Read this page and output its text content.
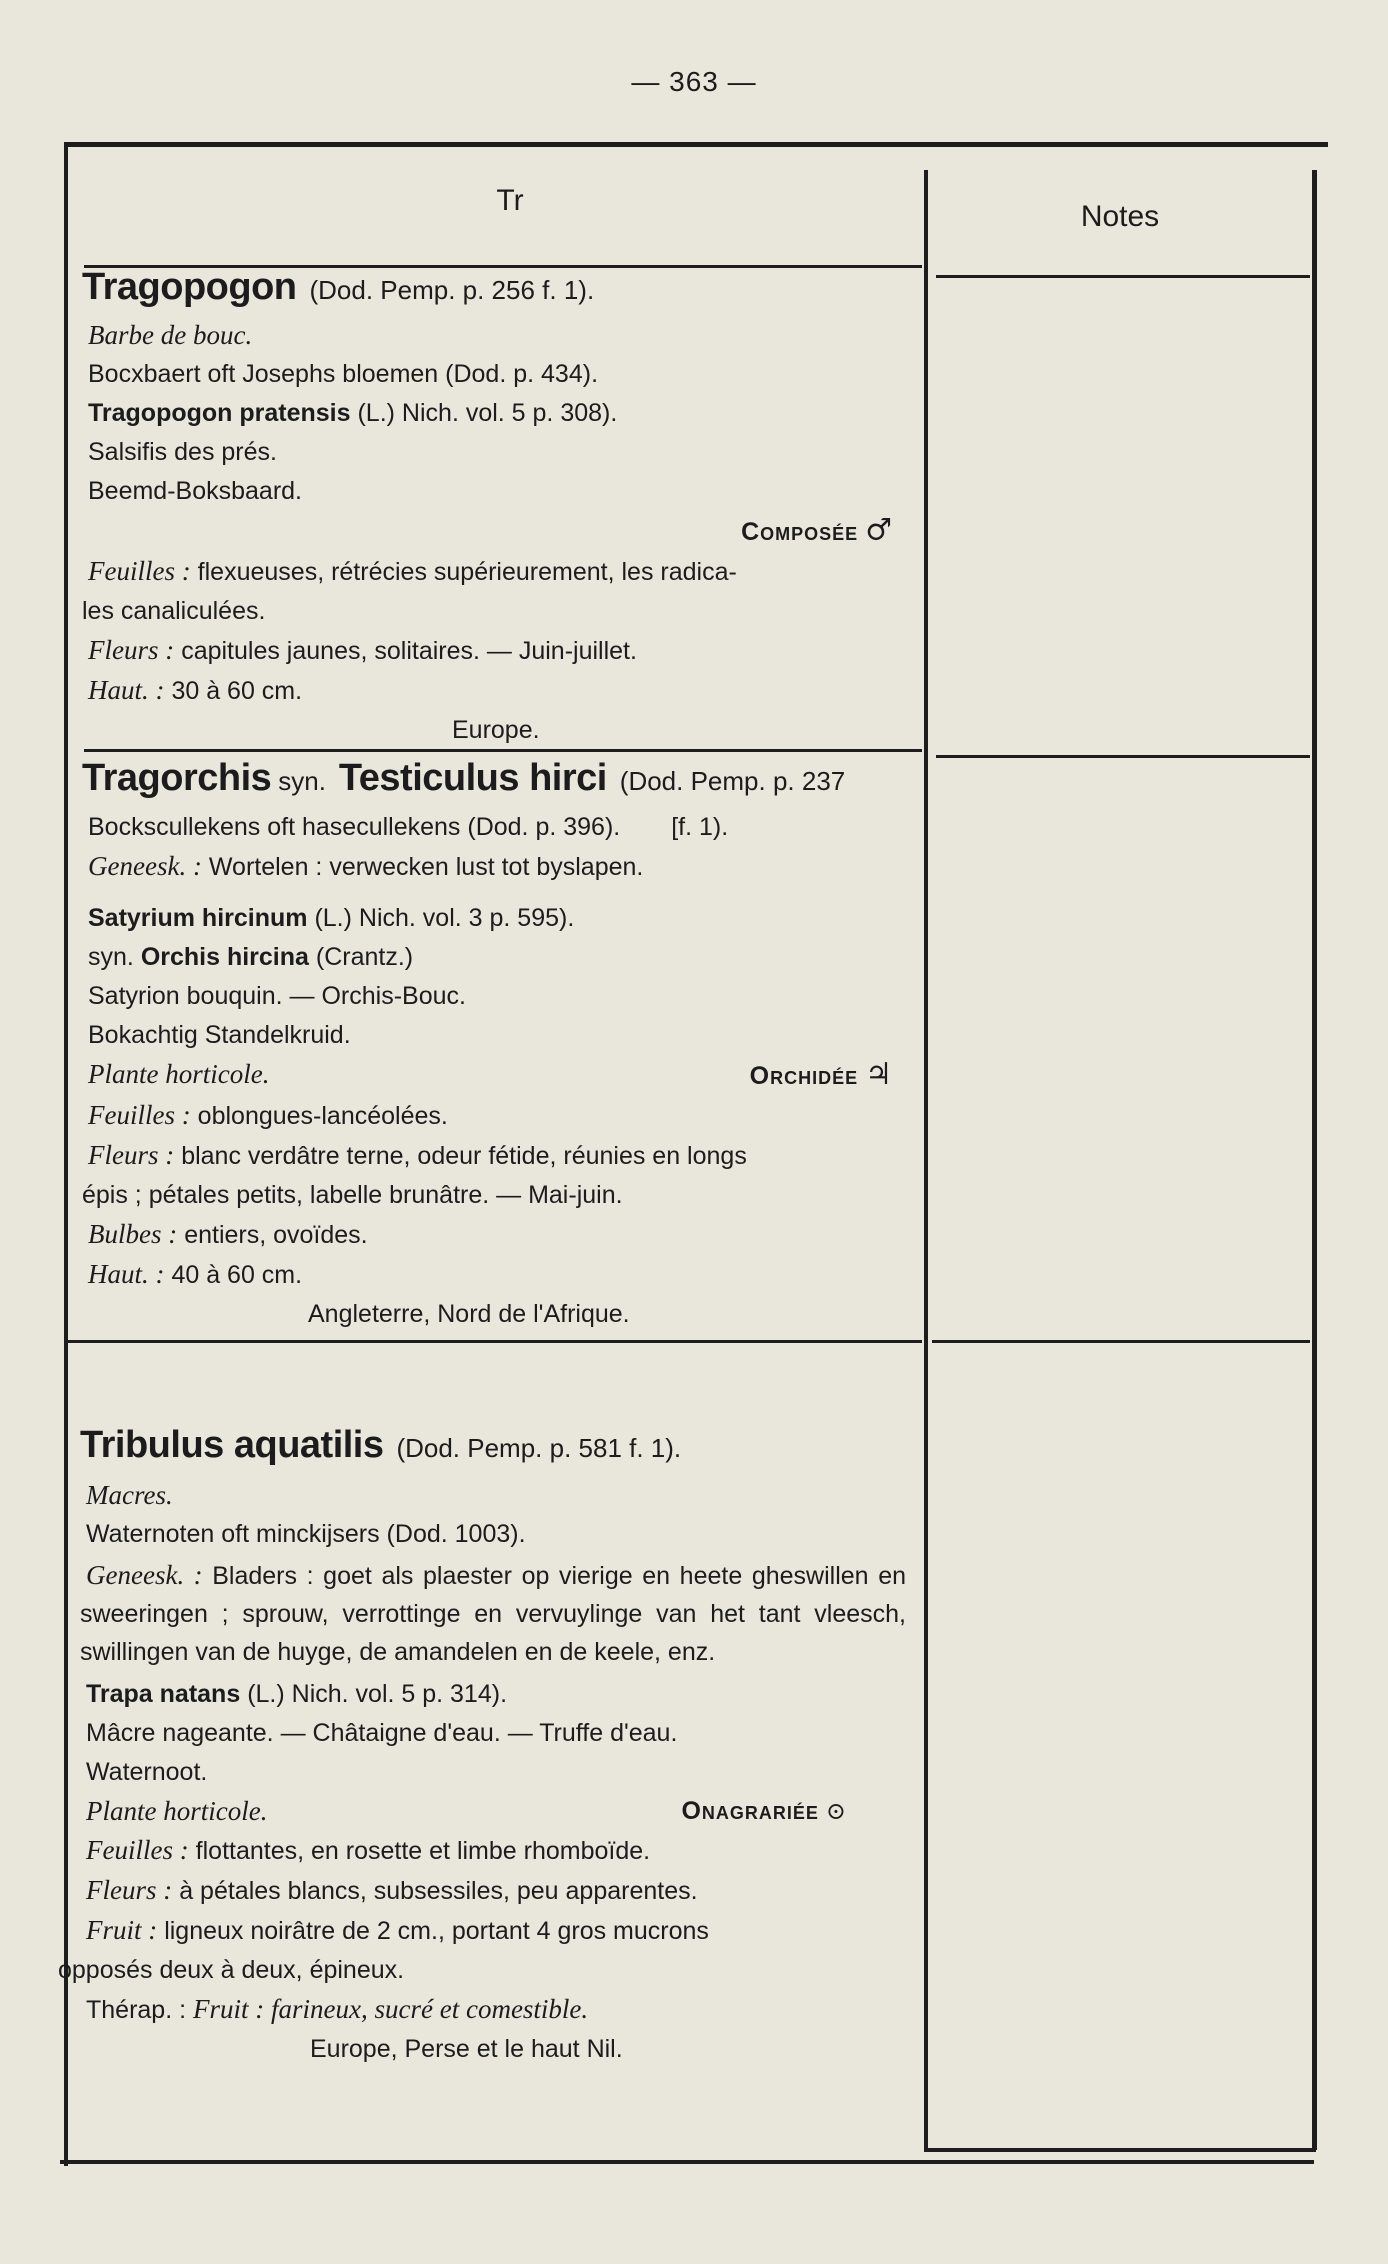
— 363 —
Tr	Notes
Tragopogon (Dod. Pemp. p. 256 f. 1).
Barbe de bouc.
Bocxbaert oft Josephs bloemen (Dod. p. 434).
Tragopogon pratensis (L.) Nich. vol. 5 p. 308).
Salsifis des prés.
Beemd-Boksbaard.
Composée ♂
Feuilles : flexueuses, rétrécies supérieurement, les radica-
les canaliculées.
Fleurs : capitules jaunes, solitaires. — Juin-juillet.
Haut. : 30 à 60 cm.
Europe.
Tragorchis syn. Testiculus hirci (Dod. Pemp. p. 237
Bockscullekens oft hasecullekens (Dod. p. 396). [f. 1).
Geneesk. : Wortelen : verwecken lust tot byslapen.
Satyrium hircinum (L.) Nich. vol. 3 p. 595).
syn. Orchis hircina (Crantz.)
Satyrion bouquin. — Orchis-Bouc.
Bokachtig Standelkruid.
Plante horticole.	Orchidée ♃
Feuilles : oblongues-lancéolées.
Fleurs : blanc verdâtre terne, odeur fétide, réunies en longs
épis ; pétales petits, labelle brunâtre. — Mai-juin.
Bulbes : entiers, ovoïdes.
Haut. : 40 à 60 cm.
Angleterre, Nord de l'Afrique.
Tribulus aquatilis (Dod. Pemp. p. 581 f. 1).
Macres.
Waternoten oft minckijsers (Dod. 1003).
Geneesk. : Bladers : goet als plaester op vierige en heete gheswillen en sweeringen ; sprouw, verrottinge en vervuylinge van het tant vleesch, swillingen van de huyge, de amandelen en de keele, enz.
Trapa natans (L.) Nich. vol. 5 p. 314).
Mâcre nageante. — Châtaigne d'eau. — Truffe d'eau.
Waternoot.
Plante horticole.	Onagrariée ⊙
Feuilles : flottantes, en rosette et limbe rhomboïde.
Fleurs : à pétales blancs, subsessiles, peu apparentes.
Fruit : ligneux noirâtre de 2 cm., portant 4 gros mucrons
opposés deux à deux, épineux.
Thérap. : Fruit : farineux, sucré et comestible.
Europe, Perse et le haut Nil.
